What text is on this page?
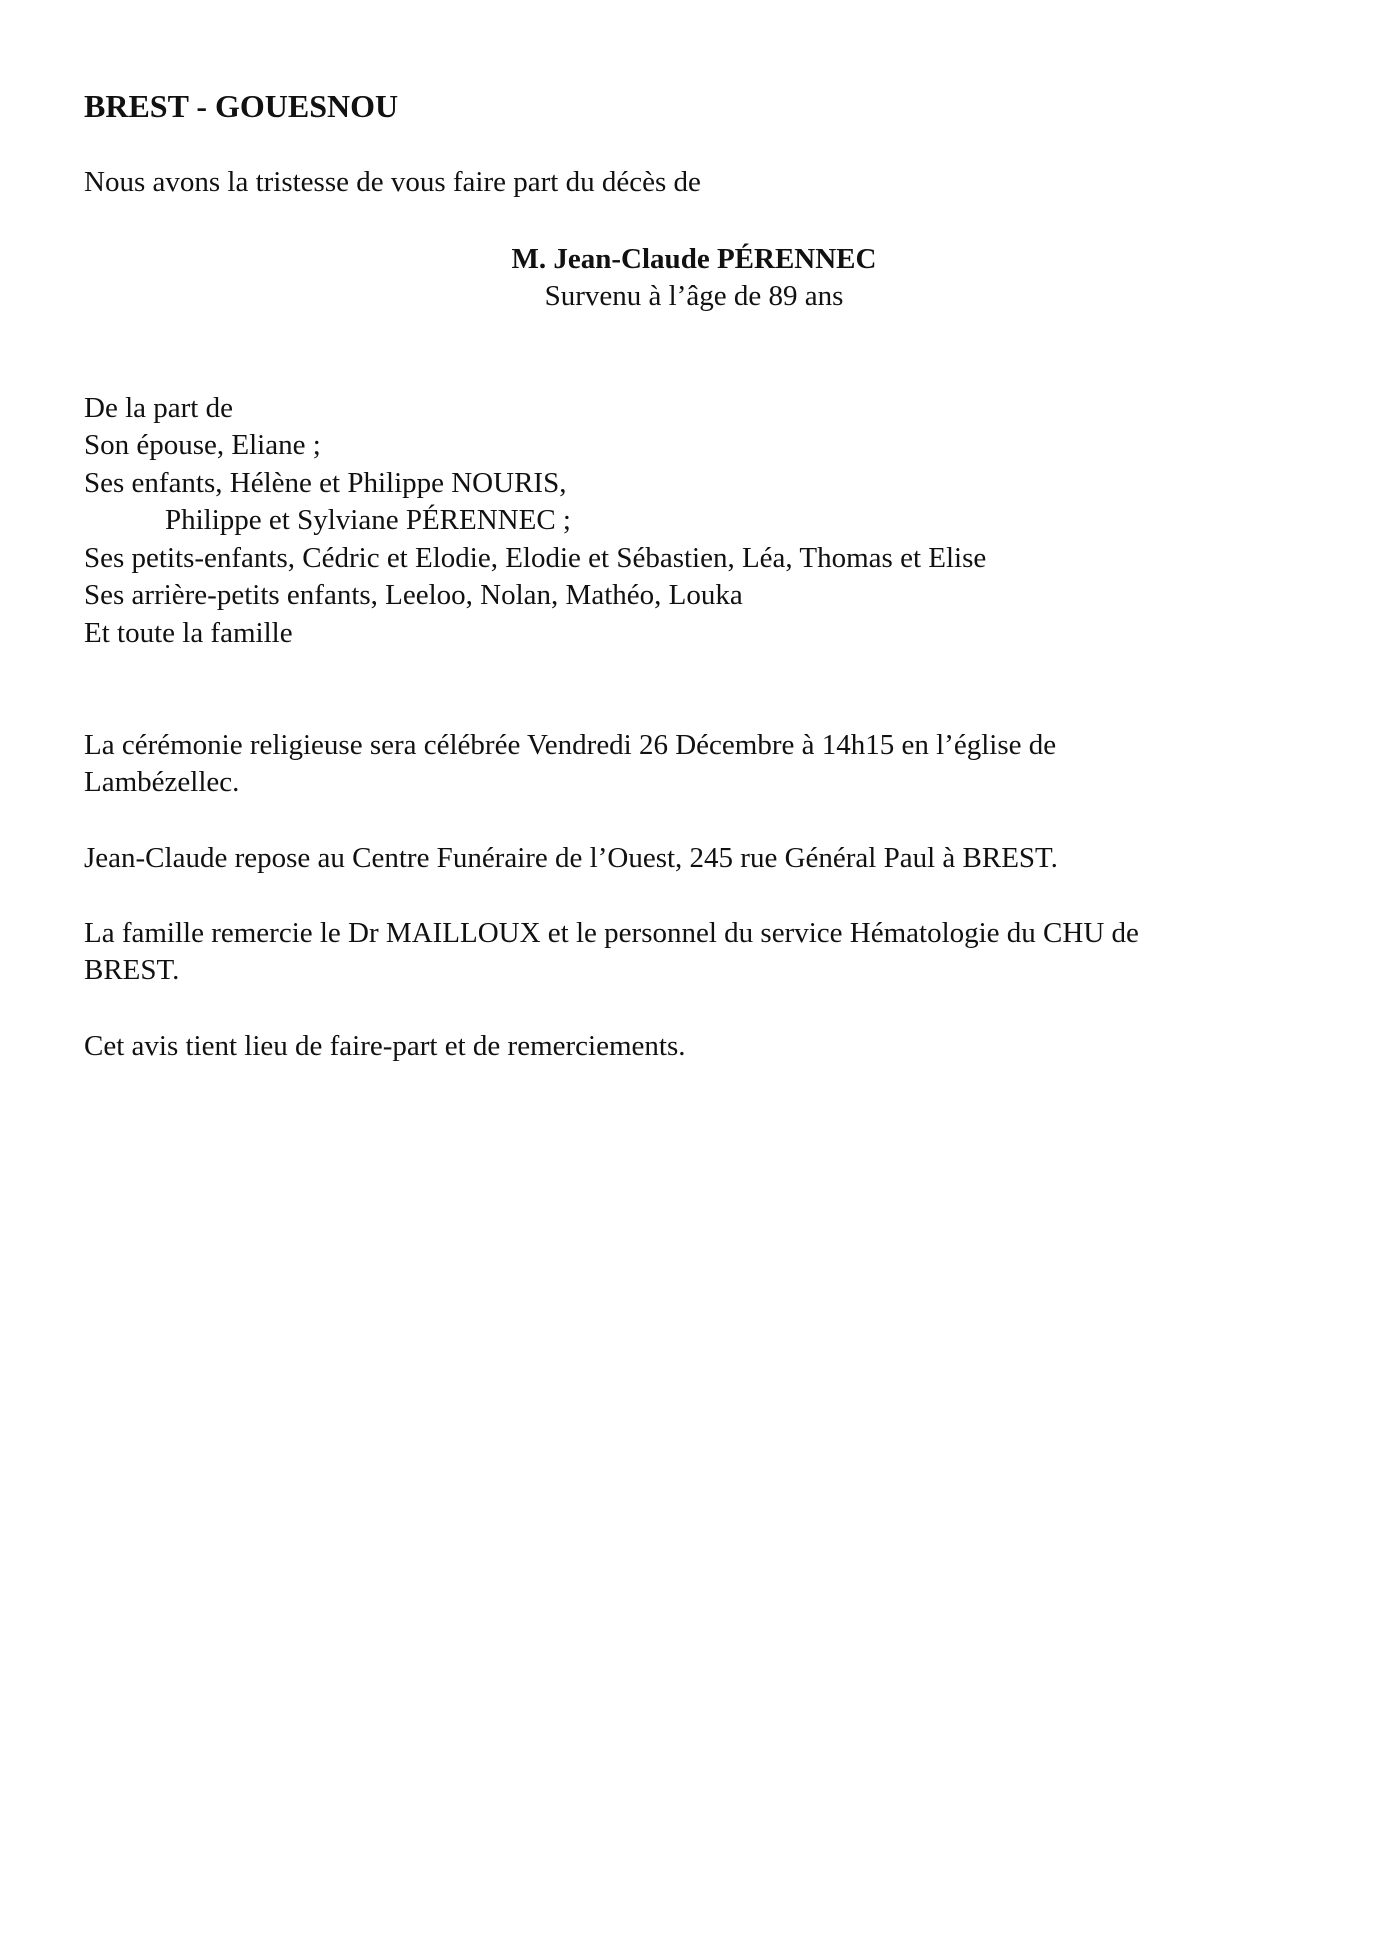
BREST - GOUESNOU
Nous avons la tristesse de vous faire part du décès de
M. Jean-Claude PÉRENNEC
Survenu à l’âge de 89 ans
De la part de
Son épouse, Eliane ;
Ses enfants, Hélène et Philippe NOURIS,
Philippe et Sylviane PÉRENNEC ;
Ses petits-enfants, Cédric et Elodie, Elodie et Sébastien, Léa, Thomas et Elise
Ses arrière-petits enfants, Leeloo, Nolan, Mathéo, Louka
Et toute la famille
La cérémonie religieuse sera célébrée Vendredi 26 Décembre à 14h15 en l’église de
Lambézellec.
Jean-Claude repose au Centre Funéraire de l’Ouest, 245 rue Général Paul à BREST.
La famille remercie le Dr MAILLOUX et le personnel du service Hématologie du CHU de
BREST.
Cet avis tient lieu de faire-part et de remerciements.
